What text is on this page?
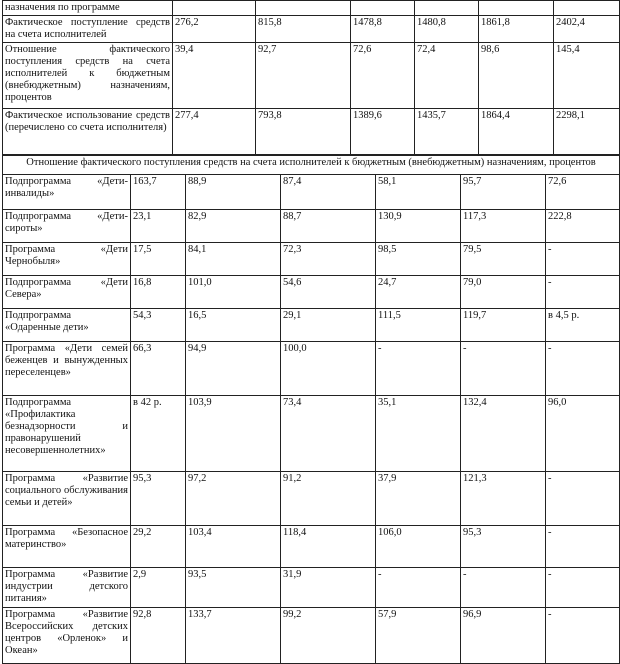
назначения по программе						
Фактическое поступление средств на счета исполнителей	276,2	815,8	1478,8	1480,8	1861,8	2402,4
Отношение фактического поступления средств на счета исполнителей к бюджетным (внебюджетным) назначениям, процентов	39,4	92,7	72,6	72,4	98,6	145,4
Фактическое использование средств (перечислено со счета исполнителя)	277,4	793,8	1389,6	1435,7	1864,4	2298,1
Отношение фактического поступления средств на счета исполнителей к бюджетным (внебюджетным) назначениям, процентов						
Подпрограмма «Дети-инвалиды»	163,7	88,9	87,4	58,1	95,7	72,6
Подпрограмма «Дети-сироты»	23,1	82,9	88,7	130,9	117,3	222,8
Программа «Дети Чернобыля»	17,5	84,1	72,3	98,5	79,5	-
Подпрограмма «Дети Севера»	16,8	101,0	54,6	24,7	79,0	-
Подпрограмма «Одаренные дети»	54,3	16,5	29,1	111,5	119,7	в 4,5 р.
Программа «Дети семей беженцев и вынужденных переселенцев»	66,3	94,9	100,0	-	-	-
Подпрограмма «Профилактика безнадзорности и правонарушений несовершеннолетних»	в 42 р.	103,9	73,4	35,1	132,4	96,0
Программа «Развитие социального обслуживания семьи и детей»	95,3	97,2	91,2	37,9	121,3	-
Программа «Безопасное материнство»	29,2	103,4	118,4	106,0	95,3	-
Программа «Развитие индустрии детского питания»	2,9	93,5	31,9	-	-	-
Программа «Развитие Всероссийских детских центров «Орленок» и Океан»	92,8	133,7	99,2	57,9	96,9	-
